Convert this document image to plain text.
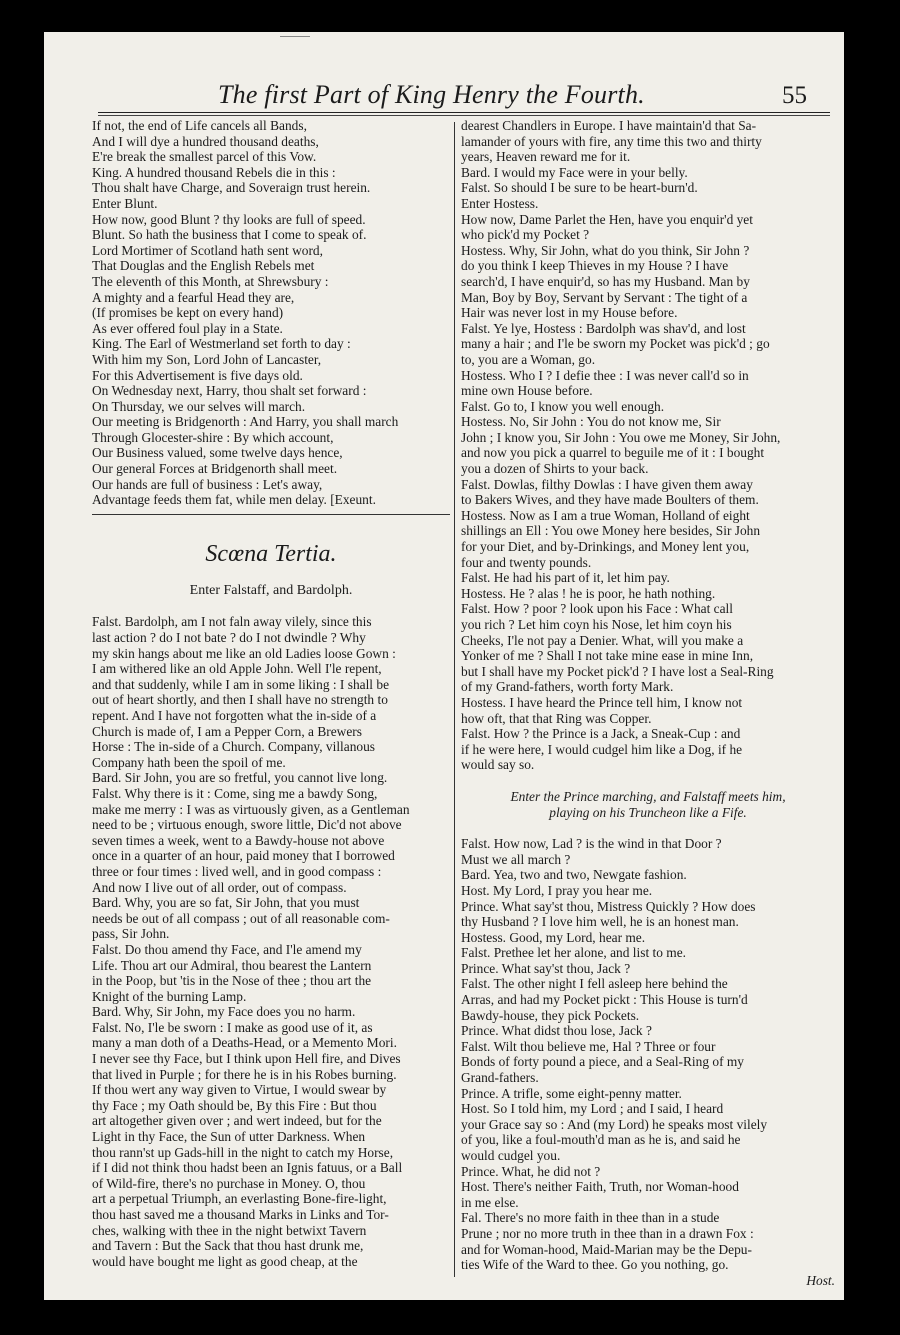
The first Part of King Henry the Fourth.	55
If not, the end of Life cancels all Bands,
And I will dye a hundred thousand deaths,
E're break the smallest parcel of this Vow.
King. A hundred thousand Rebels die in this :
Thou shalt have Charge, and Soveraign trust herein.
Enter Blunt.
How now, good Blunt ? thy looks are full of speed.
Blunt. So hath the business that I come to speak of.
Lord Mortimer of Scotland hath sent word,
That Douglas and the English Rebels met
The eleventh of this Month, at Shrewsbury :
A mighty and a fearful Head they are,
(If promises be kept on every hand)
As ever offered foul play in a State.
King. The Earl of Westmerland set forth to day :
With him my Son, Lord John of Lancaster,
For this Advertisement is five days old.
On Wednesday next, Harry, thou shalt set forward :
On Thursday, we our selves will march.
Our meeting is Bridgenorth : And Harry, you shall march
Through Glocester-shire : By which account,
Our Business valued, some twelve days hence,
Our general Forces at Bridgenorth shall meet.
Our hands are full of business : Let's away,
Advantage feeds them fat, while men delay. [Exeunt.
Scœna Tertia.
Enter Falstaff, and Bardolph.
Falst. Bardolph, am I not faln away vilely, since this
last action ? do I not bate ? do I not dwindle ? Why
my skin hangs about me like an old Ladies loose Gown :
I am withered like an old Apple John. Well I'le repent,
and that suddenly, while I am in some liking : I shall be
out of heart shortly, and then I shall have no strength to
repent. And I have not forgotten what the in-side of a
Church is made of, I am a Pepper Corn, a Brewers
Horse : The in-side of a Church. Company, villanous
Company hath been the spoil of me.
Bard. Sir John, you are so fretful, you cannot live long.
Falst. Why there is it : Come, sing me a bawdy Song,
make me merry : I was as virtuously given, as a Gentleman
need to be ; virtuous enough, swore little, Dic'd not above
seven times a week, went to a Bawdy-house not above
once in a quarter of an hour, paid money that I borrowed
three or four times : lived well, and in good compass :
And now I live out of all order, out of compass.
Bard. Why, you are so fat, Sir John, that you must
needs be out of all compass ; out of all reasonable com-
pass, Sir John.
Falst. Do thou amend thy Face, and I'le amend my
Life. Thou art our Admiral, thou bearest the Lantern
in the Poop, but 'tis in the Nose of thee ; thou art the
Knight of the burning Lamp.
Bard. Why, Sir John, my Face does you no harm.
Falst. No, I'le be sworn : I make as good use of it, as
many a man doth of a Deaths-Head, or a Memento Mori.
I never see thy Face, but I think upon Hell fire, and Dives
that lived in Purple ; for there he is in his Robes burning.
If thou wert any way given to Virtue, I would swear by
thy Face ; my Oath should be, By this Fire : But thou
art altogether given over ; and wert indeed, but for the
Light in thy Face, the Sun of utter Darkness. When
thou rann'st up Gads-hill in the night to catch my Horse,
if I did not think thou hadst been an Ignis fatuus, or a Ball
of Wild-fire, there's no purchase in Money. O, thou
art a perpetual Triumph, an everlasting Bone-fire-light,
thou hast saved me a thousand Marks in Links and Tor-
ches, walking with thee in the night betwixt Tavern
and Tavern : But the Sack that thou hast drunk me,
would have bought me light as good cheap, at the
dearest Chandlers in Europe. I have maintain'd that Sa-
lamander of yours with fire, any time this two and thirty
years, Heaven reward me for it.
Bard. I would my Face were in your belly.
Falst. So should I be sure to be heart-burn'd.
Enter Hostess.
How now, Dame Parlet the Hen, have you enquir'd yet
who pick'd my Pocket ?
Hostess. Why, Sir John, what do you think, Sir John ?
do you think I keep Thieves in my House ? I have
search'd, I have enquir'd, so has my Husband. Man by
Man, Boy by Boy, Servant by Servant : The tight of a
Hair was never lost in my House before.
Falst. Ye lye, Hostess : Bardolph was shav'd, and lost
many a hair ; and I'le be sworn my Pocket was pick'd ; go
to, you are a Woman, go.
Hostess. Who I ? I defie thee : I was never call'd so in
mine own House before.
Falst. Go to, I know you well enough.
Hostess. No, Sir John : You do not know me, Sir
John ; I know you, Sir John : You owe me Money, Sir John,
and now you pick a quarrel to beguile me of it : I bought
you a dozen of Shirts to your back.
Falst. Dowlas, filthy Dowlas : I have given them away
to Bakers Wives, and they have made Boulters of them.
Hostess. Now as I am a true Woman, Holland of eight
shillings an Ell : You owe Money here besides, Sir John
for your Diet, and by-Drinkings, and Money lent you,
four and twenty pounds.
Falst. He had his part of it, let him pay.
Hostess. He ? alas ! he is poor, he hath nothing.
Falst. How ? poor ? look upon his Face : What call
you rich ? Let him coyn his Nose, let him coyn his
Cheeks, I'le not pay a Denier. What, will you make a
Yonker of me ? Shall I not take mine ease in mine Inn,
but I shall have my Pocket pick'd ? I have lost a Seal-Ring
of my Grand-fathers, worth forty Mark.
Hostess. I have heard the Prince tell him, I know not
how oft, that that Ring was Copper.
Falst. How ? the Prince is a Jack, a Sneak-Cup : and
if he were here, I would cudgel him like a Dog, if he
would say so.
Enter the Prince marching, and Falstaff meets him,
playing on his Truncheon like a Fife.
Falst. How now, Lad ? is the wind in that Door ?
Must we all march ?
Bard. Yea, two and two, Newgate fashion.
Host. My Lord, I pray you hear me.
Prince. What say'st thou, Mistress Quickly ? How does
thy Husband ? I love him well, he is an honest man.
Hostess. Good, my Lord, hear me.
Falst. Prethee let her alone, and list to me.
Prince. What say'st thou, Jack ?
Falst. The other night I fell asleep here behind the
Arras, and had my Pocket pickt : This House is turn'd
Bawdy-house, they pick Pockets.
Prince. What didst thou lose, Jack ?
Falst. Wilt thou believe me, Hal ? Three or four
Bonds of forty pound a piece, and a Seal-Ring of my
Grand-fathers.
Prince. A trifle, some eight-penny matter.
Host. So I told him, my Lord ; and I said, I heard
your Grace say so : And (my Lord) he speaks most vilely
of you, like a foul-mouth'd man as he is, and said he
would cudgel you.
Prince. What, he did not ?
Host. There's neither Faith, Truth, nor Woman-hood
in me else.
Fal. There's no more faith in thee than in a stude
Prune ; nor no more truth in thee than in a drawn Fox :
and for Woman-hood, Maid-Marian may be the Depu-
ties Wife of the Ward to thee. Go you nothing, go.
Host.
